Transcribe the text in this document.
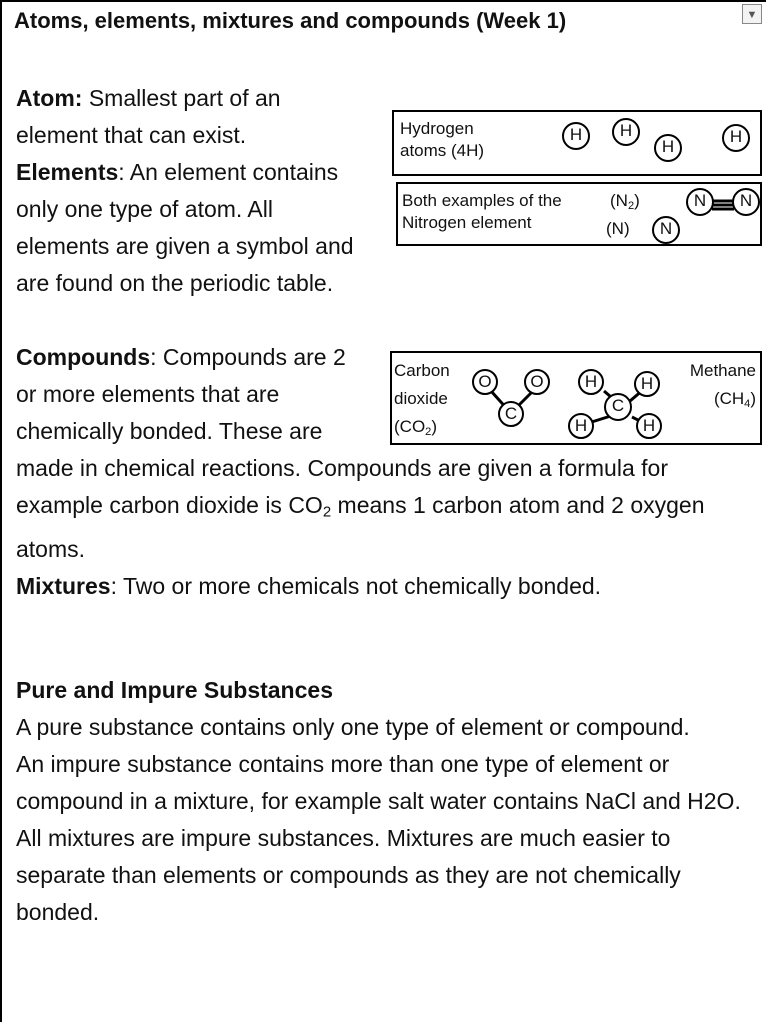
Atoms, elements, mixtures and compounds (Week 1)	▼

Atom: Smallest part of an element that can exist.

Elements: An element contains only one type of atom. All elements are given a symbol and are found on the periodic table.

Compounds: Compounds are 2 or more elements that are chemically bonded. These are made in chemical reactions. Compounds are given a formula for example carbon dioxide is $CO_2$ means 1 carbon atom and 2 oxygen atoms.

Mixtures: Two or more chemicals not chemically bonded.

Pure and Impure Substances

A pure substance contains only one type of element or compound.

An impure substance contains more than one type of element or compound in a mixture, for example salt water contains NaCl and H2O. All mixtures are impure substances. Mixtures are much easier to separate than elements or compounds as they are not chemically bonded.

Hydrogen
atoms (4H)
H	H
H
H
Both examples of the
Nitrogen element
$(N_2)$
(N)
N	N
N
Carbon
dioxide
$(CO_2)$
Methane
$(CH_4)$
O	O
C
H	H
C
H	H
